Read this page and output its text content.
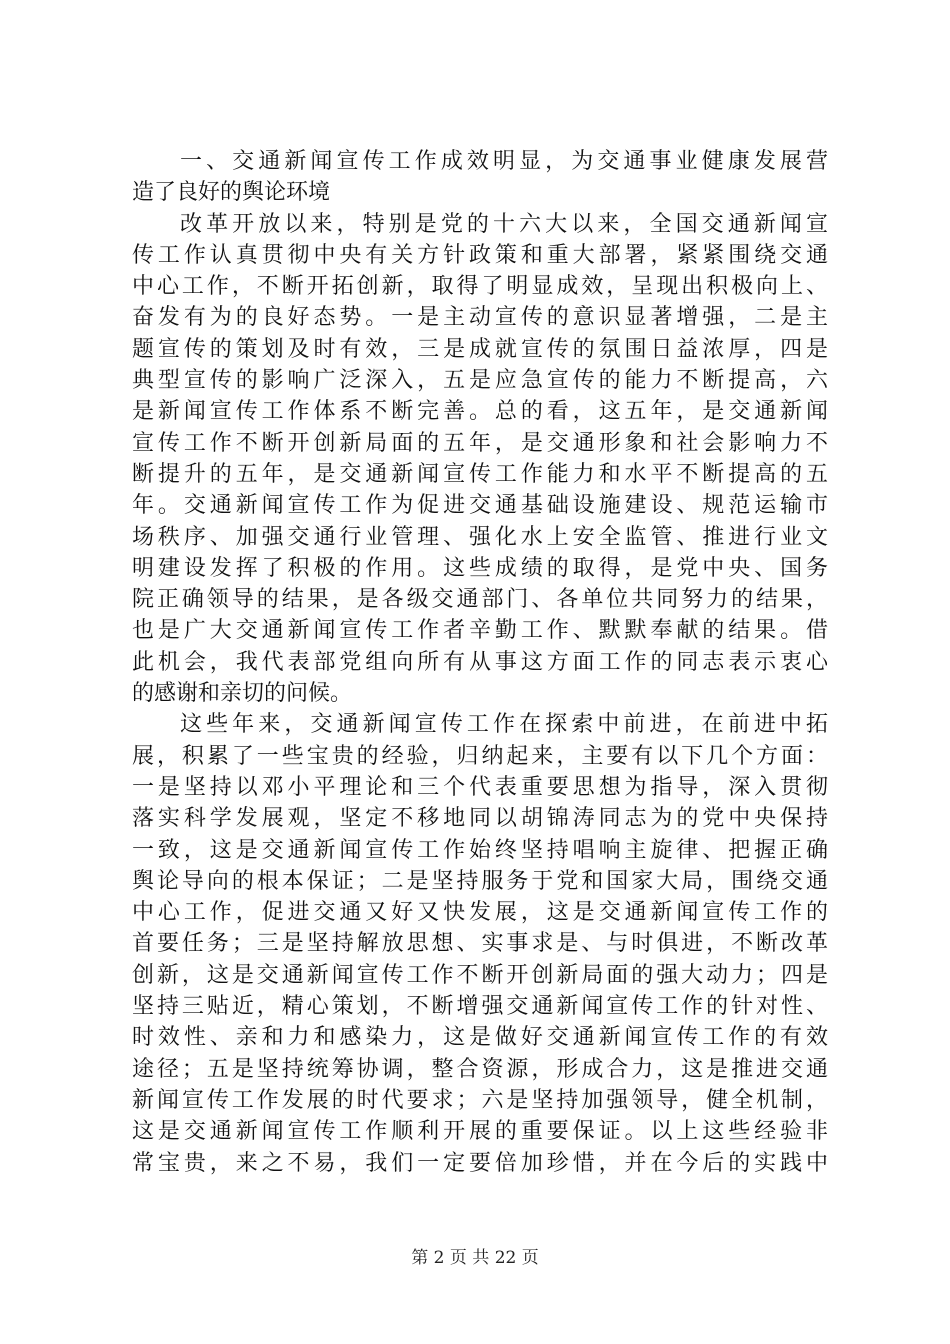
一、交通新闻宣传工作成效明显，为交通事业健康发展营
造了良好的舆论环境
改革开放以来，特别是党的十六大以来，全国交通新闻宣
传工作认真贯彻中央有关方针政策和重大部署，紧紧围绕交通
中心工作，不断开拓创新，取得了明显成效，呈现出积极向上、
奋发有为的良好态势。一是主动宣传的意识显著增强，二是主
题宣传的策划及时有效，三是成就宣传的氛围日益浓厚，四是
典型宣传的影响广泛深入，五是应急宣传的能力不断提高，六
是新闻宣传工作体系不断完善。总的看，这五年，是交通新闻
宣传工作不断开创新局面的五年，是交通形象和社会影响力不
断提升的五年，是交通新闻宣传工作能力和水平不断提高的五
年。交通新闻宣传工作为促进交通基础设施建设、规范运输市
场秩序、加强交通行业管理、强化水上安全监管、推进行业文
明建设发挥了积极的作用。这些成绩的取得，是党中央、国务
院正确领导的结果，是各级交通部门、各单位共同努力的结果，
也是广大交通新闻宣传工作者辛勤工作、默默奉献的结果。借
此机会，我代表部党组向所有从事这方面工作的同志表示衷心
的感谢和亲切的问候。
这些年来，交通新闻宣传工作在探索中前进，在前进中拓
展，积累了一些宝贵的经验，归纳起来，主要有以下几个方面：
一是坚持以邓小平理论和三个代表重要思想为指导，深入贯彻
落实科学发展观，坚定不移地同以胡锦涛同志为的党中央保持
一致，这是交通新闻宣传工作始终坚持唱响主旋律、把握正确
舆论导向的根本保证；二是坚持服务于党和国家大局，围绕交通
中心工作，促进交通又好又快发展，这是交通新闻宣传工作的
首要任务；三是坚持解放思想、实事求是、与时俱进，不断改革
创新，这是交通新闻宣传工作不断开创新局面的强大动力；四是
坚持三贴近，精心策划，不断增强交通新闻宣传工作的针对性、
时效性、亲和力和感染力，这是做好交通新闻宣传工作的有效
途径；五是坚持统筹协调，整合资源，形成合力，这是推进交通
新闻宣传工作发展的时代要求；六是坚持加强领导，健全机制，
这是交通新闻宣传工作顺利开展的重要保证。以上这些经验非
常宝贵，来之不易，我们一定要倍加珍惜，并在今后的实践中
第 2 页 共 22 页
